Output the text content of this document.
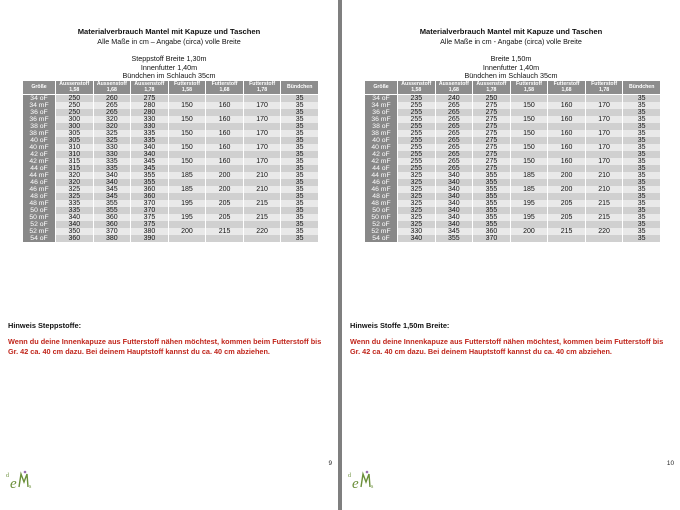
Materialverbrauch Mantel mit Kapuze und Taschen
Alle Maße in cm – Angabe (circa) volle Breite
Steppstoff Breite 1,30m
Innenfutter 1,40m
Bündchen im Schlauch 35cm
Größe	Aussenstoff 1,58	Aussenstoff 1,68	Aussenstoff 1,78	Futterstoff 1,58	Futterstoff 1,68	Futterstoff 1,78	Bündchen
34 oF	250	260	275				35
34 mF	250	265	280	150	160	170	35
36 oF	250	265	280				35
36 mF	300	320	330	150	160	170	35
38 oF	300	320	330				35
38 mF	305	325	335	150	160	170	35
40 oF	305	325	335				35
40 mF	310	330	340	150	160	170	35
42 oF	310	330	340				35
42 mF	315	335	345	150	160	170	35
44 oF	315	335	345				35
44 mF	320	340	355	185	200	210	35
46 oF	320	340	355				35
46 mF	325	345	360	185	200	210	35
48 oF	325	345	360				35
48 mF	335	355	370	195	205	215	35
50 oF	335	355	370				35
50 mF	340	360	375	195	205	215	35
52 oF	340	360	375				35
52 mF	350	370	380	200	215	220	35
54 oF	360	380	390				35
Hinweis Steppstoffe:
Wenn du deine Innenkapuze aus Futterstoff nähen möchtest, kommen beim Futterstoff bis Gr. 42 ca. 40 cm dazu. Bei deinem Hauptstoff kannst du ca. 40 cm abziehen.
d e s
9
Materialverbrauch Mantel mit Kapuze und Taschen
Alle Maße in cm - Angabe (circa) volle Breite
Breite 1,50m
Innenfutter 1,40m
Bündchen im Schlauch 35cm
Größe	Aussenstoff 1,58	Aussenstoff 1,68	Aussenstoff 1,78	Futterstoff 1,58	Futterstoff 1,68	Futterstoff 1,78	Bündchen
34 oF	235	240	250				35
34 mF	255	265	275	150	160	170	35
36 oF	255	265	275				35
36 mF	255	265	275	150	160	170	35
38 oF	255	265	275				35
38 mF	255	265	275	150	160	170	35
40 oF	255	265	275				35
40 mF	255	265	275	150	160	170	35
42 oF	255	265	275				35
42 mF	255	265	275	150	160	170	35
44 oF	255	265	275				35
44 mF	325	340	355	185	200	210	35
46 oF	325	340	355				35
46 mF	325	340	355	185	200	210	35
48 oF	325	340	355				35
48 mF	325	340	355	195	205	215	35
50 oF	325	340	355				35
50 mF	325	340	355	195	205	215	35
52 oF	325	340	355				35
52 mF	330	345	360	200	215	220	35
54 oF	340	355	370				35
Hinweis Stoffe 1,50m Breite:
Wenn du deine Innenkapuze aus Futterstoff nähen möchtest, kommen beim Futterstoff bis Gr. 42 ca. 40 cm dazu. Bei deinem Hauptstoff kannst du ca. 40 cm abziehen.
d e s
10
